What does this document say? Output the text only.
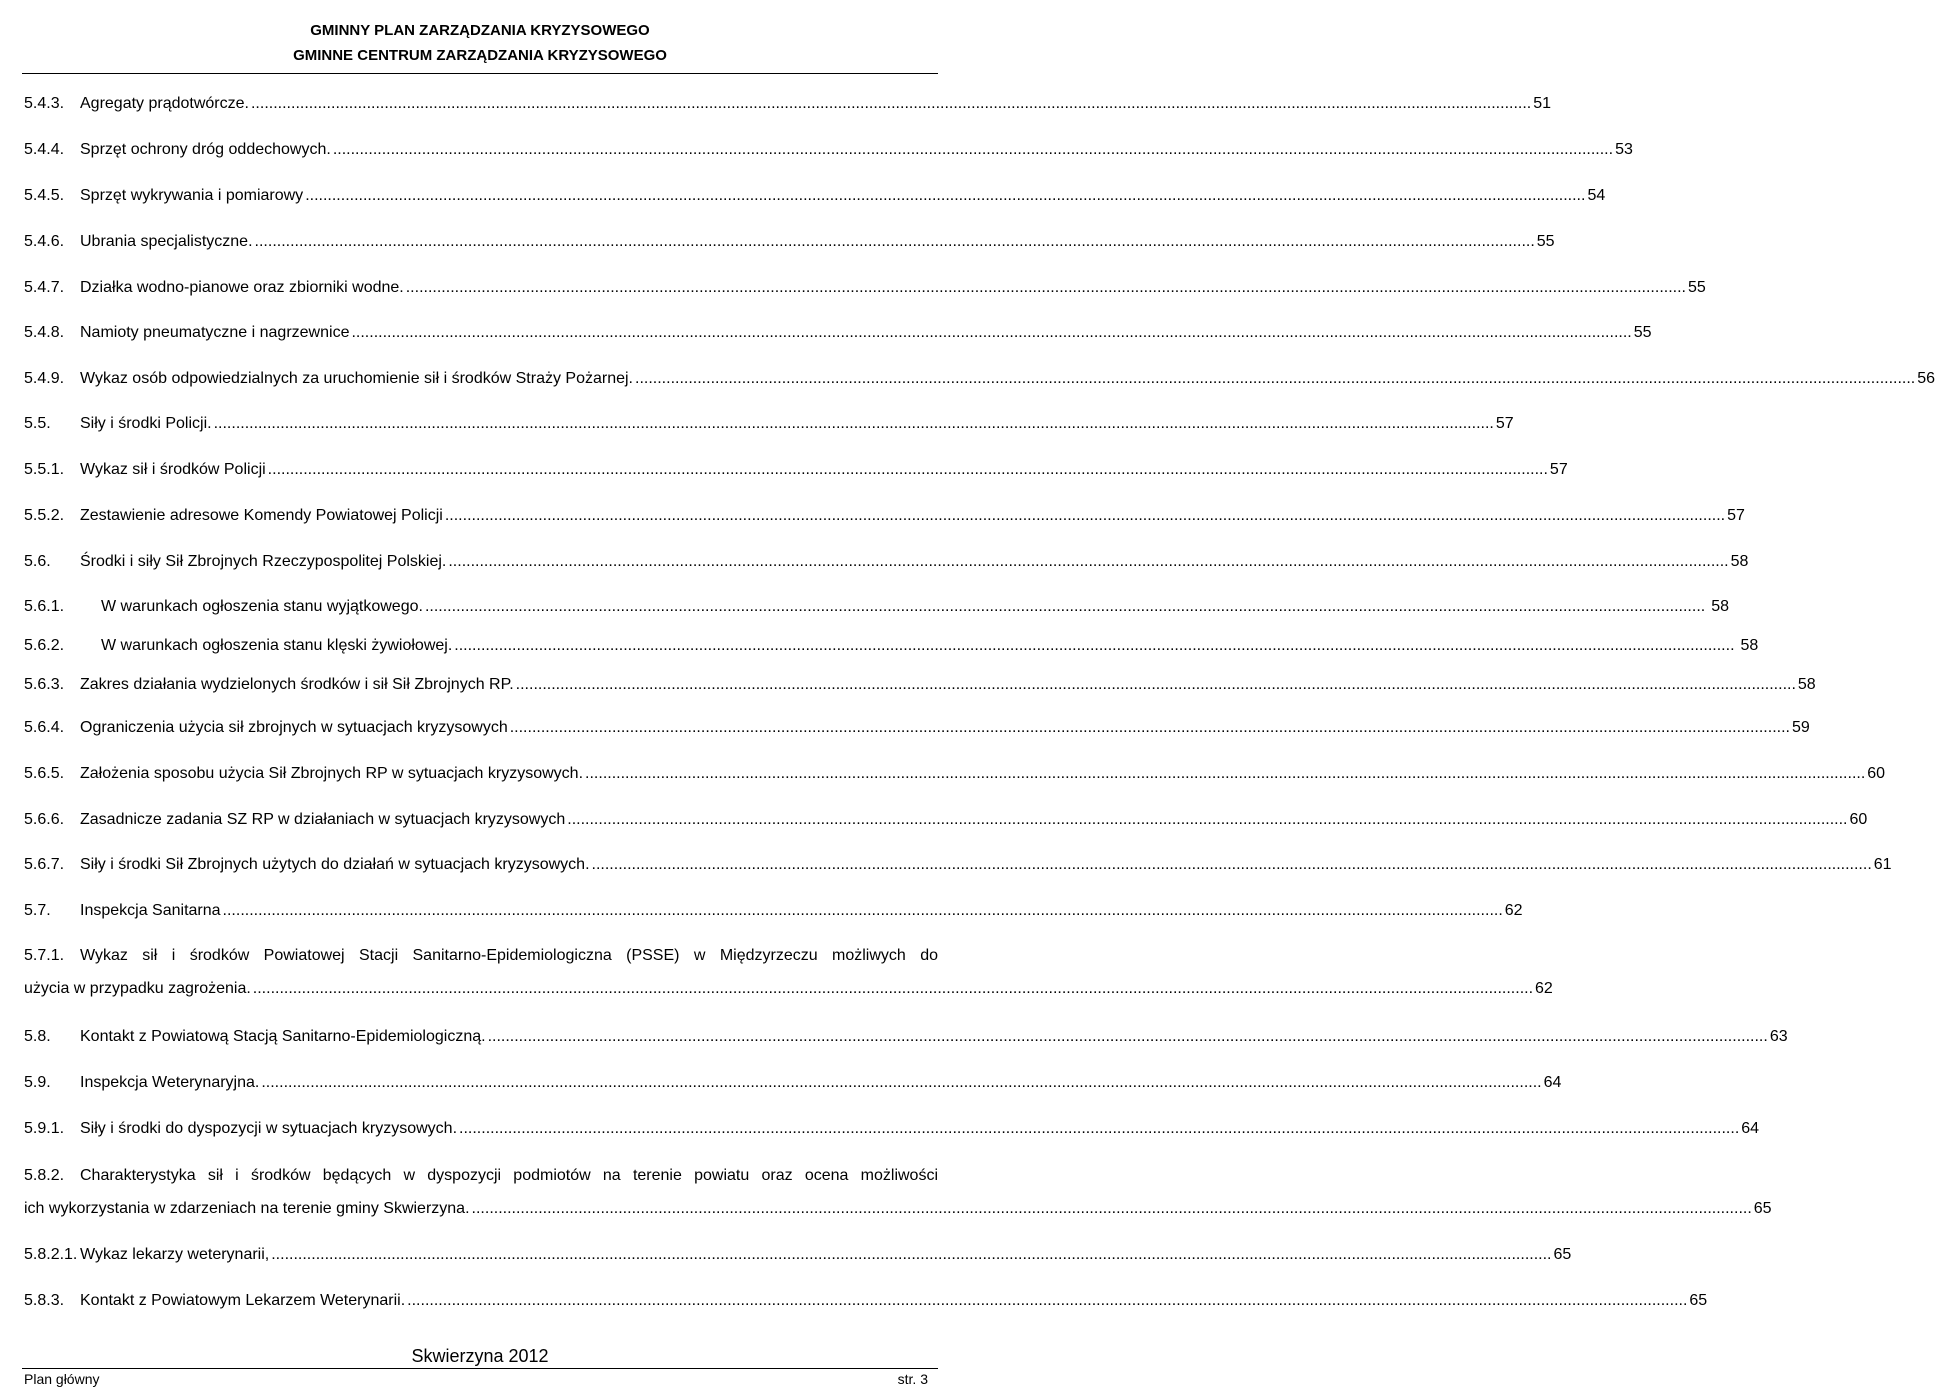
GMINNY PLAN ZARZĄDZANIA KRYZYSOWEGO
GMINNE CENTRUM ZARZĄDZANIA KRYZYSOWEGO
5.4.3. Agregaty prądotwórcze. .....	51
5.4.4. Sprzęt ochrony dróg oddechowych. .....	53
5.4.5. Sprzęt wykrywania i pomiarowy .....	54
5.4.6. Ubrania specjalistyczne. .....	55
5.4.7. Działka wodno-pianowe oraz zbiorniki wodne. .....	55
5.4.8. Namioty pneumatyczne i nagrzewnice .....	55
5.4.9. Wykaz osób odpowiedzialnych za uruchomienie sił i środków Straży Pożarnej. .....	56
5.5.	Siły i środki Policji. .....	57
5.5.1. Wykaz sił i środków Policji .....	57
5.5.2. Zestawienie adresowe Komendy Powiatowej Policji .....	57
5.6.	Środki i siły Sił Zbrojnych Rzeczypospolitej Polskiej. .....	58
5.6.1.	W warunkach ogłoszenia stanu wyjątkowego. .....	58
5.6.2.	W warunkach ogłoszenia stanu klęski żywiołowej. .....	58
5.6.3. Zakres działania wydzielonych środków i sił Sił Zbrojnych RP. .....	58
5.6.4. Ograniczenia użycia sił zbrojnych w sytuacjach kryzysowych .....	59
5.6.5. Założenia sposobu użycia Sił Zbrojnych RP w sytuacjach kryzysowych. .....	60
5.6.6. Zasadnicze zadania SZ RP w działaniach w sytuacjach kryzysowych .....	60
5.6.7. Siły i środki Sił Zbrojnych użytych do działań w sytuacjach kryzysowych. .....	61
5.7.	Inspekcja Sanitarna .....	62
5.7.1. Wykaz sił i środków Powiatowej Stacji Sanitarno-Epidemiologiczna (PSSE) w Międzyrzeczu możliwych do
użycia w przypadku zagrożenia. .....	62
5.8.	Kontakt z Powiatową Stacją Sanitarno-Epidemiologiczną. .....	63
5.9.	Inspekcja Weterynaryjna. .....	64
5.9.1. Siły i środki do dyspozycji w sytuacjach kryzysowych. .....	64
5.8.2. Charakterystyka sił i środków będących w dyspozycji podmiotów na terenie powiatu oraz ocena możliwości
ich wykorzystania w zdarzeniach na terenie gminy Skwierzyna. .....	65
5.8.2.1. Wykaz lekarzy weterynarii, .....	65
5.8.3. Kontakt z Powiatowym Lekarzem Weterynarii. .....	65
Skwierzyna 2012
Plan główny	str. 3
